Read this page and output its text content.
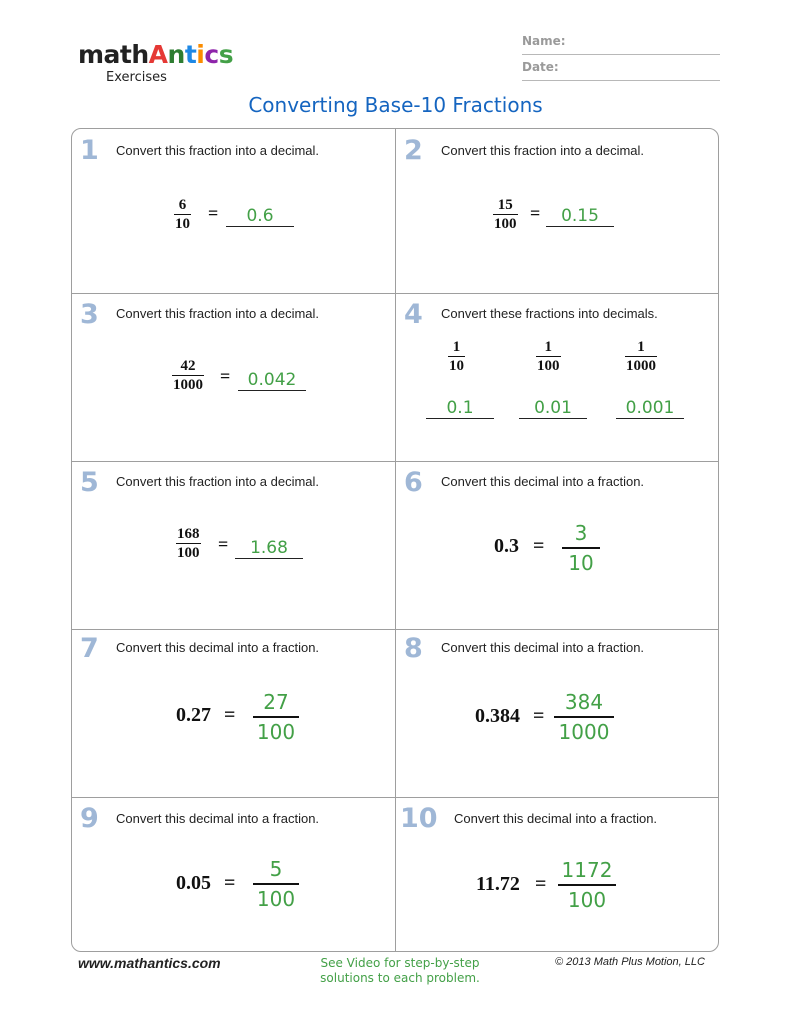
mathAntics
Exercises
Name:
Date:
Converting Base-10 Fractions
1 Convert this fraction into a decimal.
$\frac{6}{10}$ =	0.6
2 Convert this fraction into a decimal.
$\frac{15}{100}$ =	0.15
3 Convert this fraction into a decimal.
$\frac{42}{1000}$ =	0.042
4 Convert these fractions into decimals.
$\frac{1}{10}$	$\frac{1}{100}$	$\frac{1}{1000}$
0.1	0.01	0.001
5 Convert this fraction into a decimal.
$\frac{168}{100}$ =	1.68
6 Convert this decimal into a fraction.
$0.3 = \frac{3}{10}$
7 Convert this decimal into a fraction.
$0.27 = \frac{27}{100}$
8 Convert this decimal into a fraction.
$0.384 = \frac{384}{1000}$
9 Convert this decimal into a fraction.
$0.05 = \frac{5}{100}$
10 Convert this decimal into a fraction.
$11.72 = \frac{1172}{100}$
www.mathantics.com	See Video for step-by-step
solutions to each problem.
© 2013 Math Plus Motion, LLC
